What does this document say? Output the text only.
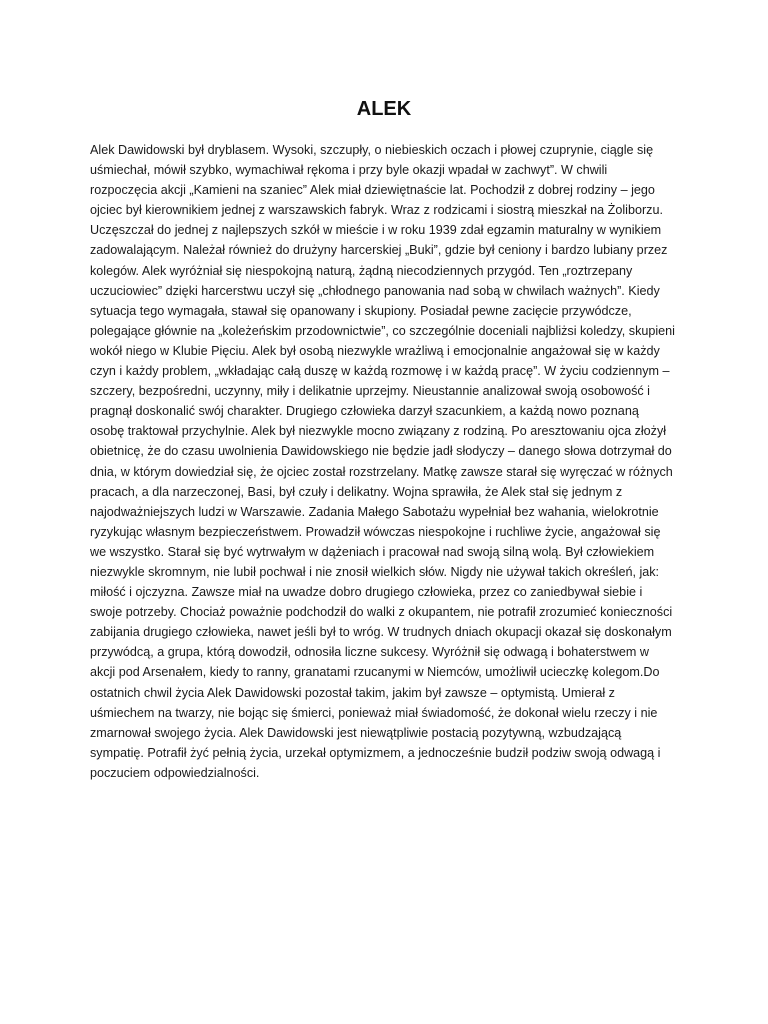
ALEK

Alek Dawidowski był dryblasem. Wysoki, szczupły, o niebieskich oczach i płowej czuprynie, ciągle się uśmiechał, mówił szybko, wymachiwał rękoma i przy byle okazji wpadał w zachwyt”. W chwili rozpoczęcia akcji „Kamieni na szaniec” Alek miał dziewiętnaście lat. Pochodził z dobrej rodziny – jego ojciec był kierownikiem jednej z warszawskich fabryk. Wraz z rodzicami i siostrą mieszkał na Żoliborzu. Uczęszczał do jednej z najlepszych szkół w mieście i w roku 1939 zdał egzamin maturalny w wynikiem zadowalającym. Należał również do drużyny harcerskiej „Buki”, gdzie był ceniony i bardzo lubiany przez kolegów. Alek wyróżniał się niespokojną naturą, żądną niecodziennych przygód. Ten „roztrzepany uczuciowiec” dzięki harcerstwu uczył się „chłodnego panowania nad sobą w chwilach ważnych”. Kiedy sytuacja tego wymagała, stawał się opanowany i skupiony. Posiadał pewne zacięcie przywódcze, polegające głównie na „koleżeńskim przodownictwie”, co szczególnie doceniali najbliżsi koledzy, skupieni wokół niego w Klubie Pięciu. Alek był osobą niezwykle wrażliwą i emocjonalnie angażował się w każdy czyn i każdy problem, „wkładając całą duszę w każdą rozmowę i w każdą pracę”. W życiu codziennym – szczery, bezpośredni, uczynny, miły i delikatnie uprzejmy. Nieustannie analizował swoją osobowość i pragnął doskonalić swój charakter. Drugiego człowieka darzył szacunkiem, a każdą nowo poznaną osobę traktował przychylnie. Alek był niezwykle mocno związany z rodziną. Po aresztowaniu ojca złożył obietnicę, że do czasu uwolnienia Dawidowskiego nie będzie jadł słodyczy – danego słowa dotrzymał do dnia, w którym dowiedział się, że ojciec został rozstrzelany. Matkę zawsze starał się wyręczać w różnych pracach, a dla narzeczonej, Basi, był czuły i delikatny. Wojna sprawiła, że Alek stał się jednym z najodważniejszych ludzi w Warszawie. Zadania Małego Sabotażu wypełniał bez wahania, wielokrotnie ryzykując własnym bezpieczeństwem. Prowadził wówczas niespokojne i ruchliwe życie, angażował się we wszystko. Starał się być wytrwałym w dążeniach i pracował nad swoją silną wolą. Był człowiekiem niezwykle skromnym, nie lubił pochwał i nie znosił wielkich słów. Nigdy nie używał takich określeń, jak: miłość i ojczyzna. Zawsze miał na uwadze dobro drugiego człowieka, przez co zaniedbywał siebie i swoje potrzeby. Chociaż poważnie podchodził do walki z okupantem, nie potrafił zrozumieć konieczności zabijania drugiego człowieka, nawet jeśli był to wróg. W trudnych dniach okupacji okazał się doskonałym przywódcą, a grupa, którą dowodził, odnosiła liczne sukcesy. Wyróżnił się odwagą i bohaterstwem w akcji pod Arsenałem, kiedy to ranny, granatami rzucanymi w Niemców, umożliwił ucieczkę kolegom.Do ostatnich chwil życia Alek Dawidowski pozostał takim, jakim był zawsze – optymistą. Umierał z uśmiechem na twarzy, nie bojąc się śmierci, ponieważ miał świadomość, że dokonał wielu rzeczy i nie zmarnował swojego życia. Alek Dawidowski jest niewątpliwie postacią pozytywną, wzbudzającą sympatię. Potrafił żyć pełnią życia, urzekał optymizmem, a jednocześnie budził podziw swoją odwagą i poczuciem odpowiedzialności.
